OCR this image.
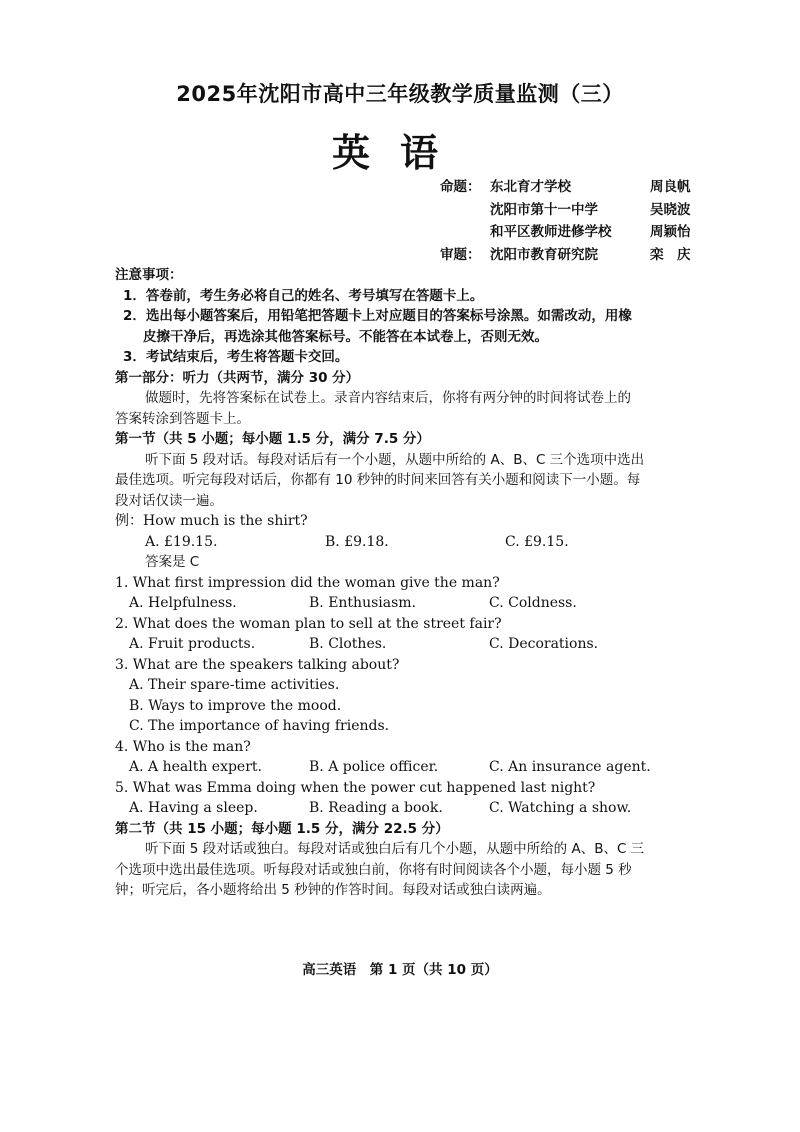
2025年沈阳市高中三年级教学质量监测（三）
英语
命题： 东北育才学校	周良帆
沈阳市第十一中学	吴晓波
和平区教师进修学校	周颖怡
审题： 沈阳市教育研究院	栾　庆
注意事项：
1．答卷前，考生务必将自己的姓名、考号填写在答题卡上。
2．选出每小题答案后，用铅笔把答题卡上对应题目的答案标号涂黑。如需改动，用橡
皮擦干净后，再选涂其他答案标号。不能答在本试卷上，否则无效。
3．考试结束后，考生将答题卡交回。
第一部分：听力（共两节，满分 30 分）
做题时，先将答案标在试卷上。录音内容结束后，你将有两分钟的时间将试卷上的
答案转涂到答题卡上。
第一节（共 5 小题；每小题 1.5 分，满分 7.5 分）
听下面 5 段对话。每段对话后有一个小题，从题中所给的 A、B、C 三个选项中选出
最佳选项。听完每段对话后，你都有 10 秒钟的时间来回答有关小题和阅读下一小题。每
段对话仅读一遍。
例：How much is the shirt?
A. £19.15.	B. £9.18.	C. £9.15.
答案是 C
1. What first impression did the woman give the man?
A. Helpfulness.	B. Enthusiasm.	C. Coldness.
2. What does the woman plan to sell at the street fair?
A. Fruit products.	B. Clothes.	C. Decorations.
3. What are the speakers talking about?
A. Their spare-time activities.
B. Ways to improve the mood.
C. The importance of having friends.
4. Who is the man?
A. A health expert.	B. A police officer.	C. An insurance agent.
5. What was Emma doing when the power cut happened last night?
A. Having a sleep.	B. Reading a book.	C. Watching a show.
第二节（共 15 小题；每小题 1.5 分，满分 22.5 分）
听下面 5 段对话或独白。每段对话或独白后有几个小题，从题中所给的 A、B、C 三
个选项中选出最佳选项。听每段对话或独白前，你将有时间阅读各个小题，每小题 5 秒
钟；听完后，各小题将给出 5 秒钟的作答时间。每段对话或独白读两遍。
高三英语　第 1 页（共 10 页）
